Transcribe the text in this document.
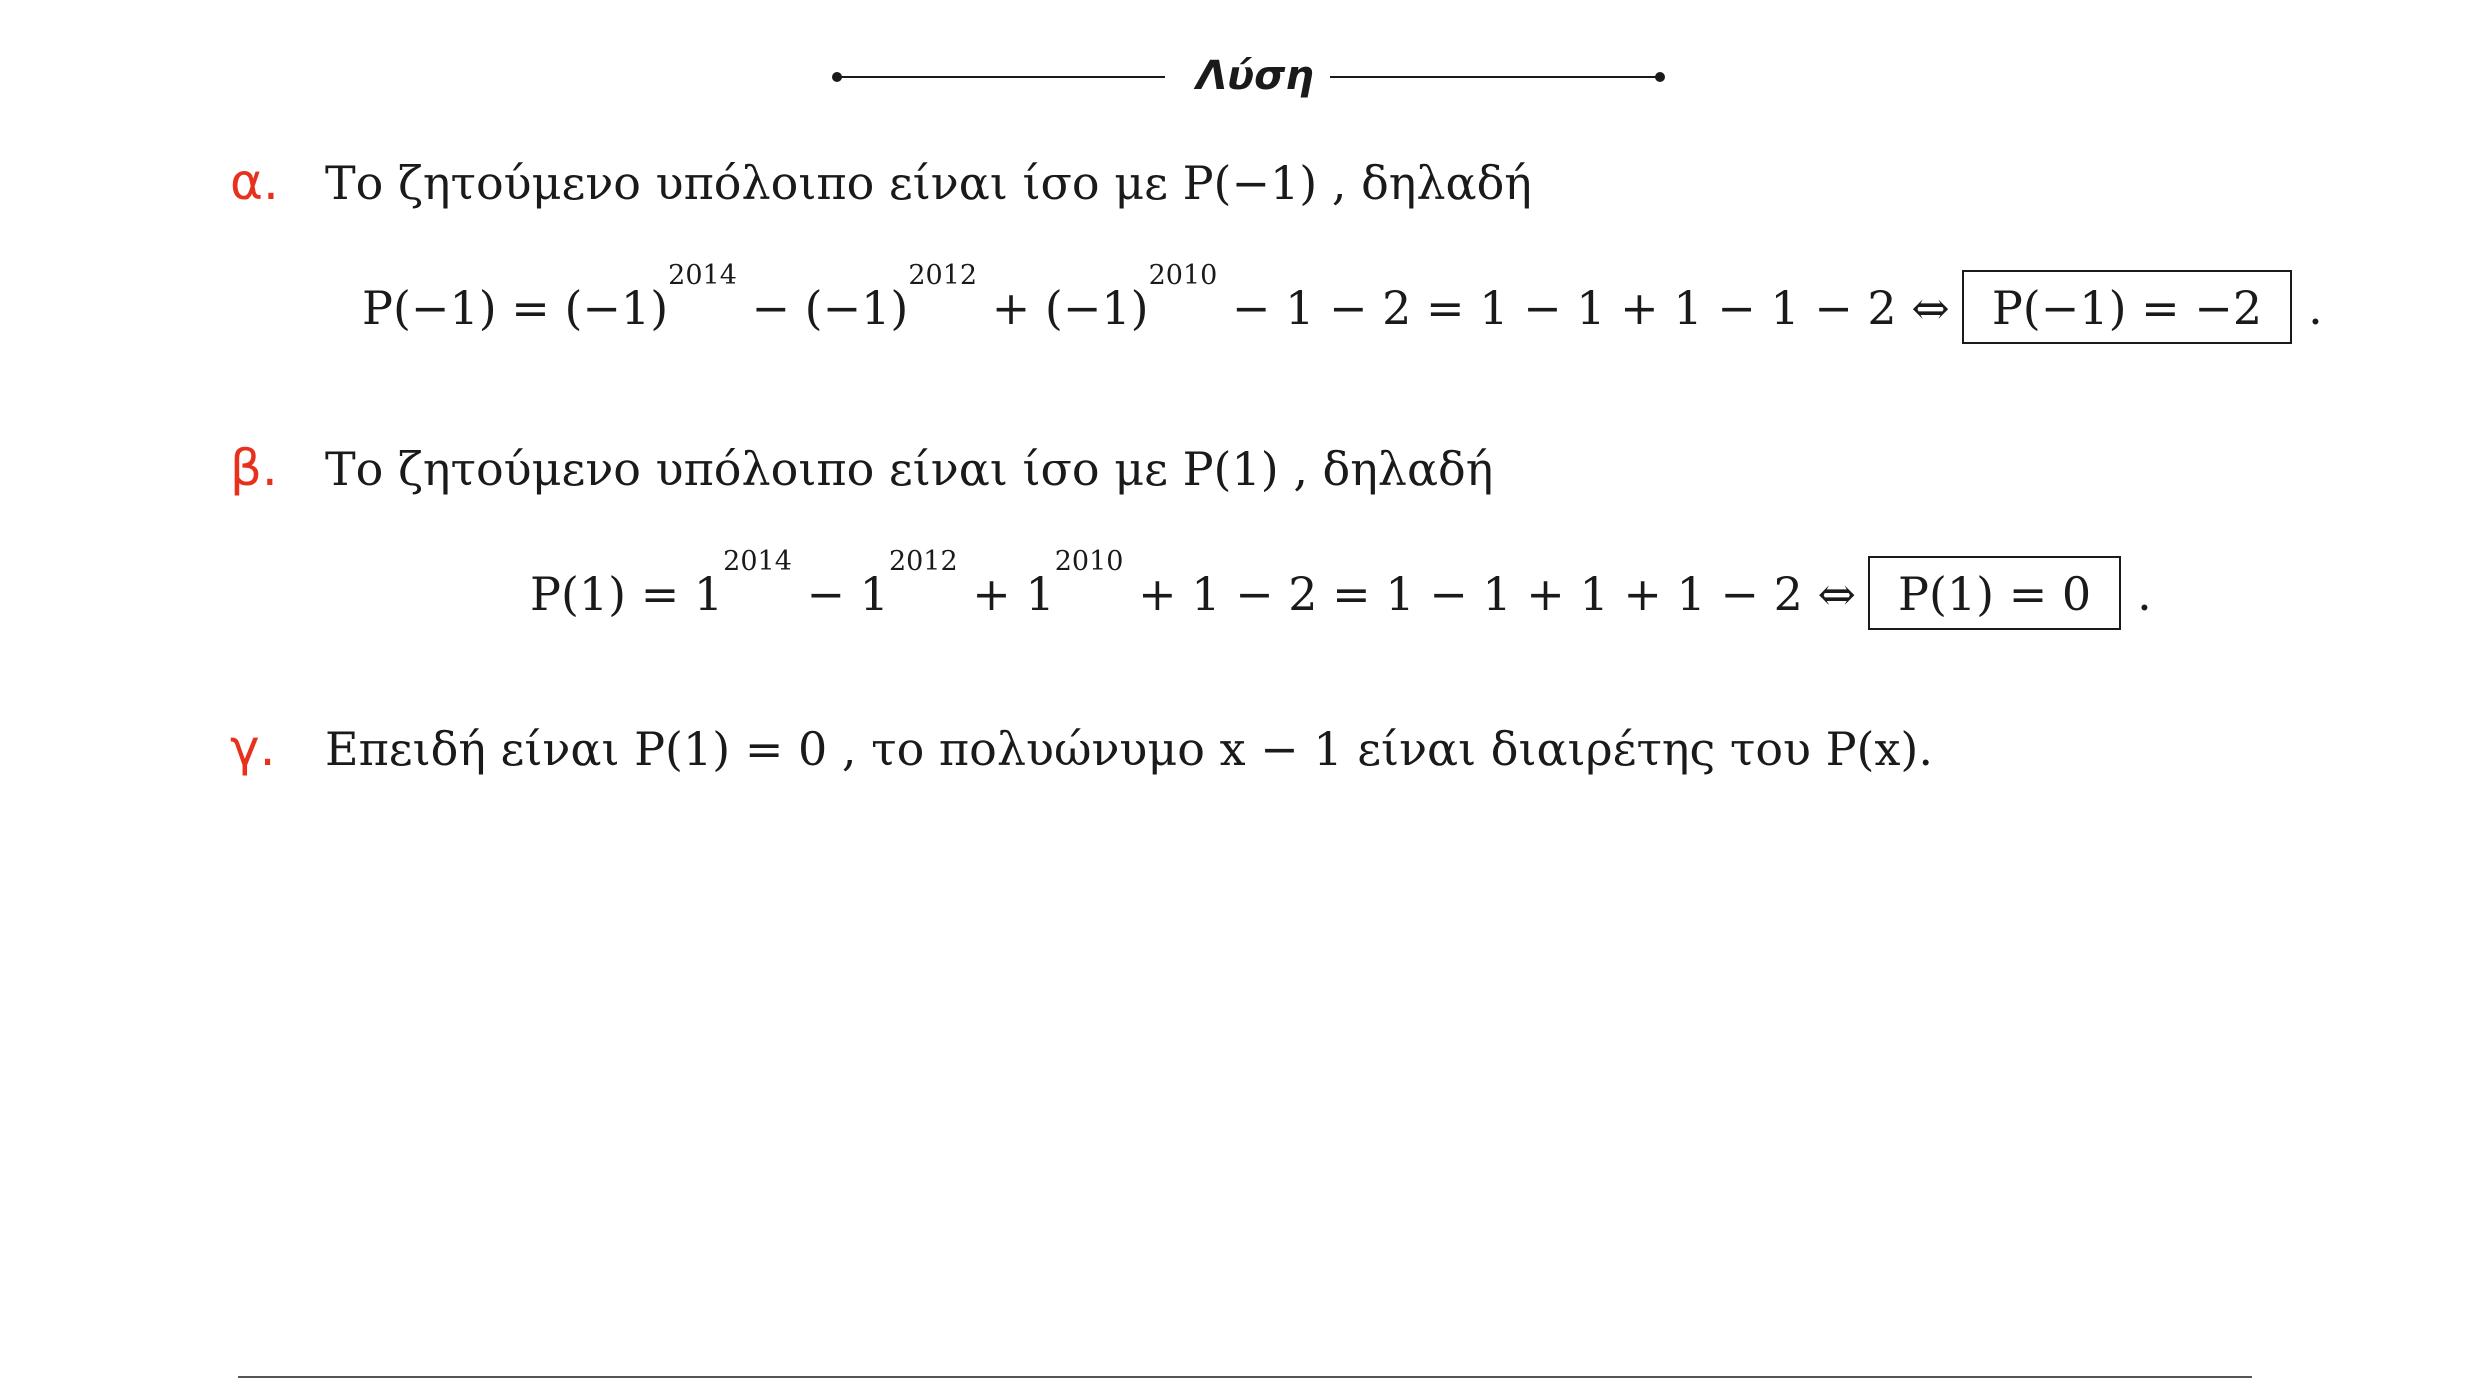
Λύση
α. Το ζητούμενο υπόλοιπο είναι ίσο με P(−1) , δηλαδή
$P(-1) = (-1)^{2014} - (-1)^{2012} + (-1)^{2010} - 1 - 2 = 1 - 1 + 1 - 1 - 2$ ⇔ P(−1) = −2 .
β. Το ζητούμενο υπόλοιπο είναι ίσο με P(1) , δηλαδή
$P(1) = 1^{2014} - 1^{2012} + 1^{2010} + 1 - 2 = 1 - 1 + 1 + 1 - 2$ ⇔ P(1) = 0 .
γ. Επειδή είναι P(1) = 0 , το πολυώνυμο x − 1 είναι διαιρέτης του P(x).
